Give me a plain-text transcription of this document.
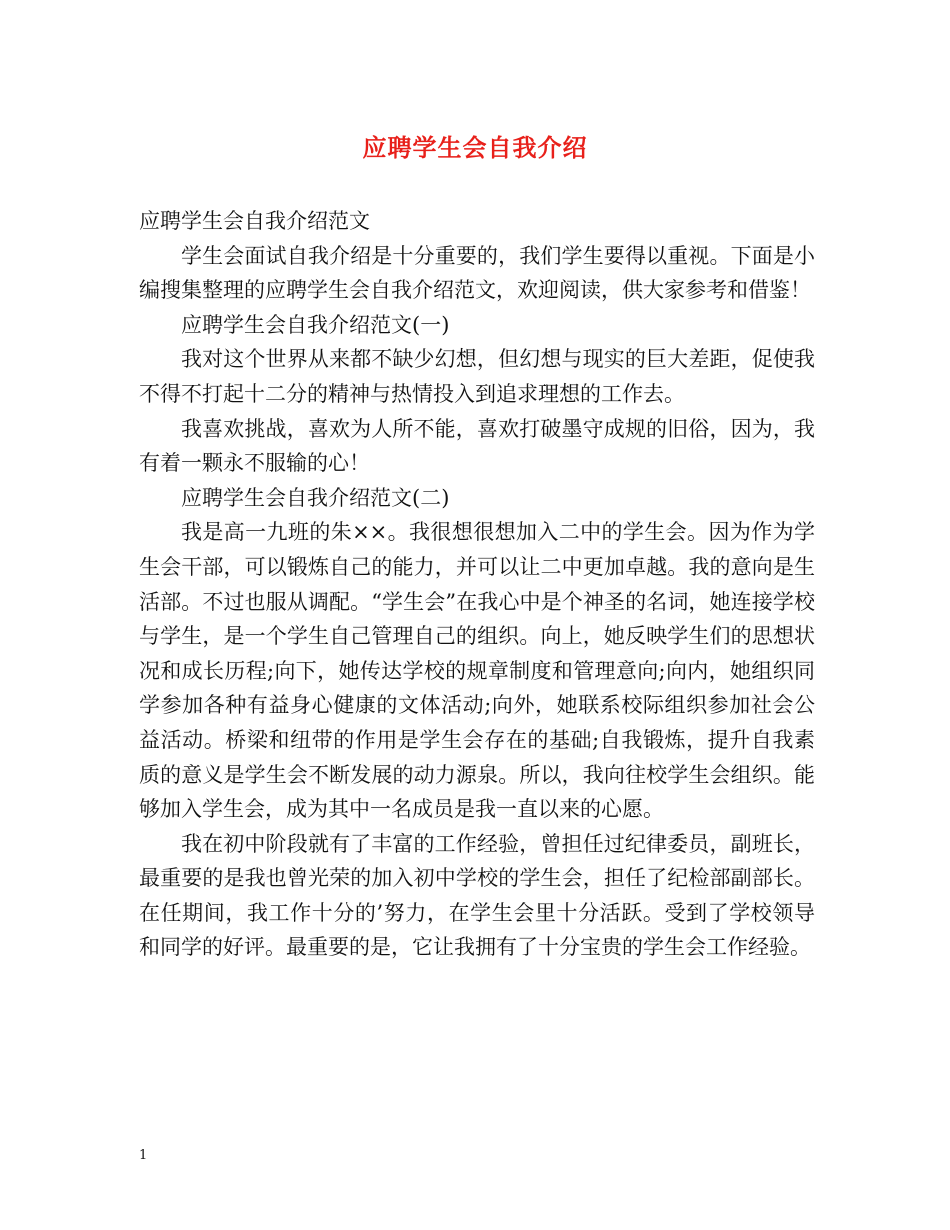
应聘学生会自我介绍

应聘学生会自我介绍范文

学生会面试自我介绍是十分重要的，我们学生要得以重视。下面是小编搜集整理的应聘学生会自我介绍范文，欢迎阅读，供大家参考和借鉴！

应聘学生会自我介绍范文(一)

我对这个世界从来都不缺少幻想，但幻想与现实的巨大差距，促使我不得不打起十二分的精神与热情投入到追求理想的工作去。

我喜欢挑战，喜欢为人所不能，喜欢打破墨守成规的旧俗，因为，我有着一颗永不服输的心！

应聘学生会自我介绍范文(二)

我是高一九班的朱××。我很想很想加入二中的学生会。因为作为学生会干部，可以锻炼自己的能力，并可以让二中更加卓越。我的意向是生活部。不过也服从调配。“学生会”在我心中是个神圣的名词，她连接学校与学生，是一个学生自己管理自己的组织。向上，她反映学生们的思想状况和成长历程;向下，她传达学校的规章制度和管理意向;向内，她组织同学参加各种有益身心健康的文体活动;向外，她联系校际组织参加社会公益活动。桥梁和纽带的作用是学生会存在的基础;自我锻炼，提升自我素质的意义是学生会不断发展的动力源泉。所以，我向往校学生会组织。能够加入学生会，成为其中一名成员是我一直以来的心愿。

我在初中阶段就有了丰富的工作经验，曾担任过纪律委员，副班长，最重要的是我也曾光荣的加入初中学校的学生会，担任了纪检部副部长。在任期间，我工作十分的’努力，在学生会里十分活跃。受到了学校领导和同学的好评。最重要的是，它让我拥有了十分宝贵的学生会工作经验。

1
